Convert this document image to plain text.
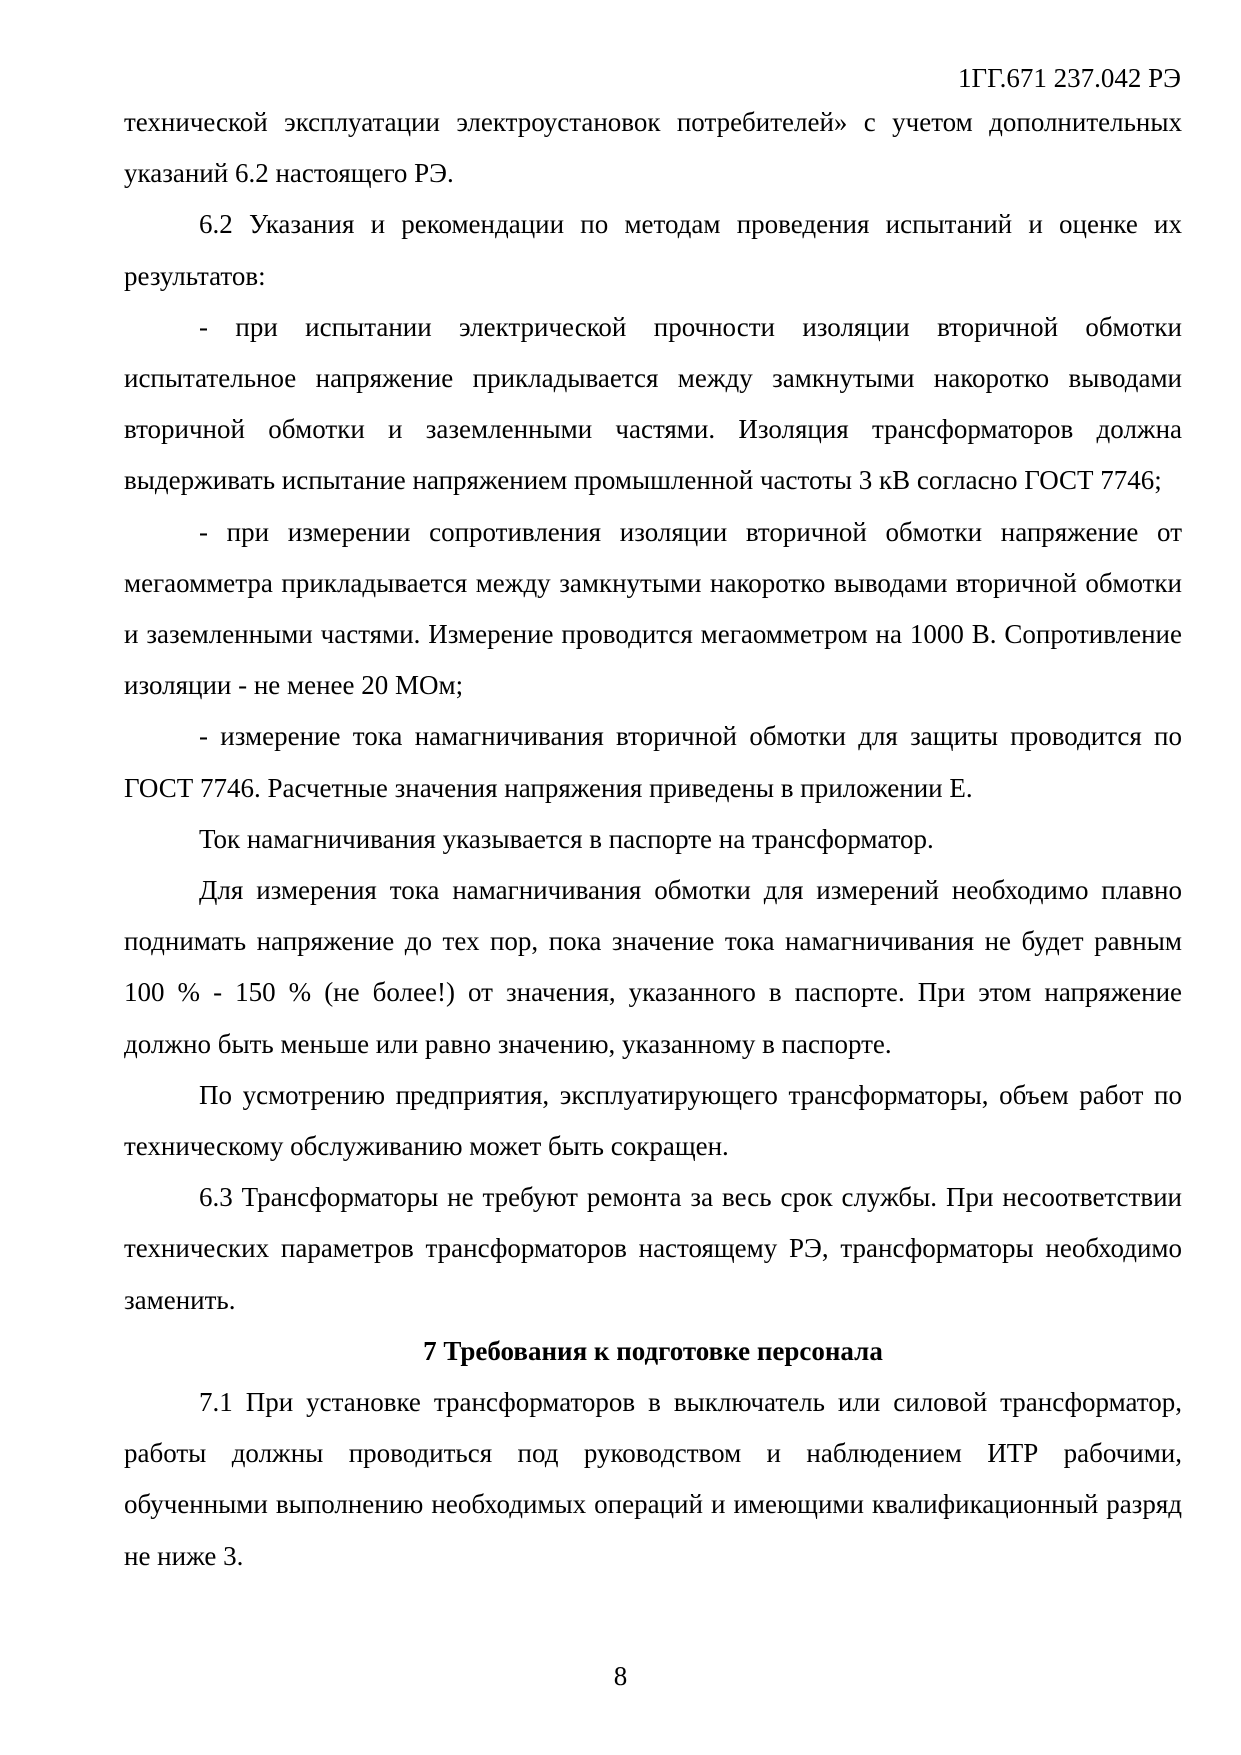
1ГГ.671 237.042 РЭ

технической эксплуатации электроустановок потребителей» с учетом дополнительных указаний 6.2 настоящего РЭ.

6.2 Указания и рекомендации по методам проведения испытаний и оценке их результатов:

- при испытании электрической прочности изоляции вторичной обмотки испытательное напряжение прикладывается между замкнутыми накоротко выводами вторичной обмотки и заземленными частями. Изоляция трансформаторов должна выдерживать испытание напряжением промышленной частоты 3 кВ согласно ГОСТ 7746;

- при измерении сопротивления изоляции вторичной обмотки напряжение от мегаомметра прикладывается между замкнутыми накоротко выводами вторичной обмотки и заземленными частями. Измерение проводится мегаомметром на 1000 В. Сопротивление изоляции - не менее 20 МОм;

- измерение тока намагничивания вторичной обмотки для защиты проводится по ГОСТ 7746. Расчетные значения напряжения приведены в приложении Е.

Ток намагничивания указывается в паспорте на трансформатор.

Для измерения тока намагничивания обмотки для измерений необходимо плавно поднимать напряжение до тех пор, пока значение тока намагничивания не будет равным 100 % - 150 % (не более!) от значения, указанного в паспорте. При этом напряжение должно быть меньше или равно значению, указанному в паспорте.

По усмотрению предприятия, эксплуатирующего трансформаторы, объем работ по техническому обслуживанию может быть сокращен.

6.3 Трансформаторы не требуют ремонта за весь срок службы. При несоответствии технических параметров трансформаторов настоящему РЭ, трансформаторы необходимо заменить.

7 Требования к подготовке персонала

7.1 При установке трансформаторов в выключатель или силовой трансформатор, работы должны проводиться под руководством и наблюдением ИТР рабочими, обученными выполнению необходимых операций и имеющими квалификационный разряд не ниже 3.

8
